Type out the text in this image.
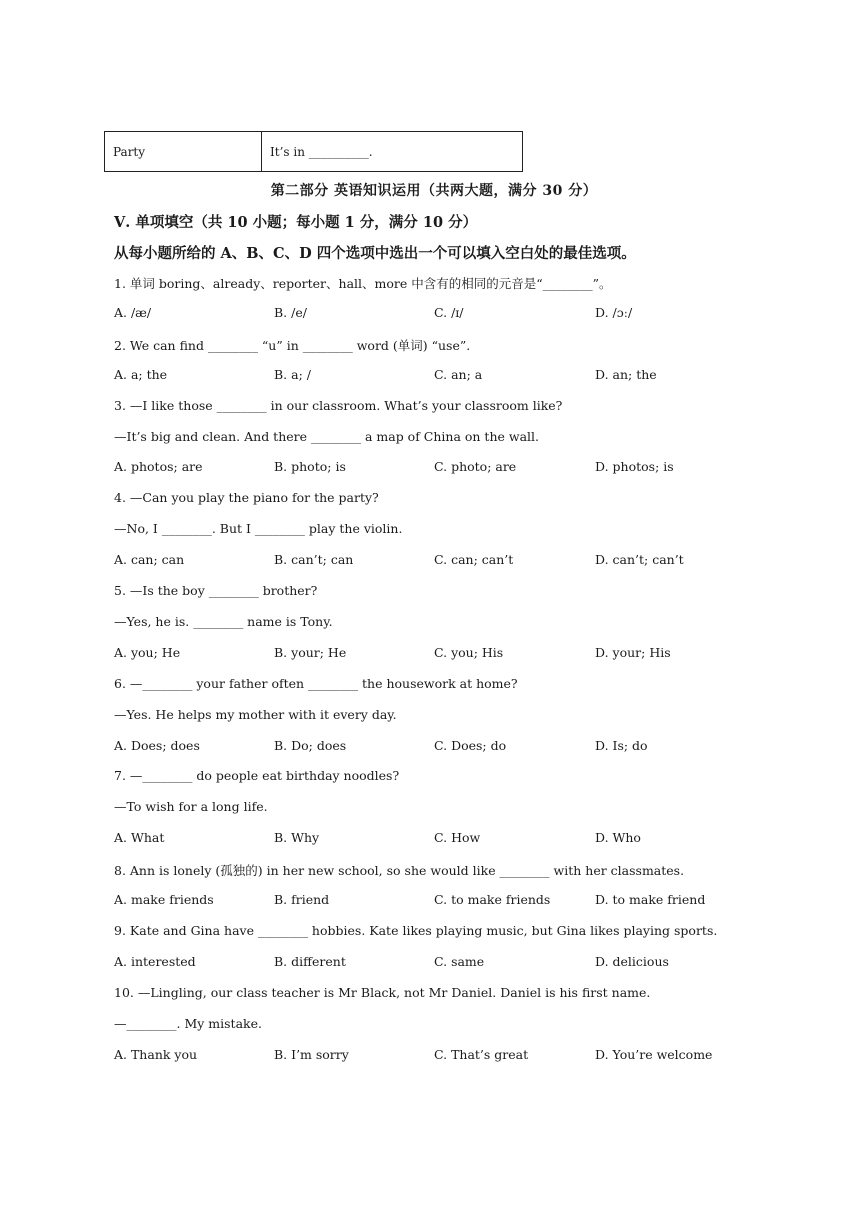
Party	It’s in __________.
第二部分 英语知识运用（共两大题，满分 30 分）
Ⅴ. 单项填空（共 10 小题；每小题 1 分，满分 10 分）
从每小题所给的 A、B、C、D 四个选项中选出一个可以填入空白处的最佳选项。
1. 单词 boring、already、reporter、hall、more 中含有的相同的元音是“________”。
A. /æ/	B. /e/	C. /ɪ/	D. /ɔː/
2. We can find ________ “u” in ________ word (单词) “use”.
A. a; the	B. a; /	C. an; a	D. an; the
3. —I like those ________ in our classroom. What’s your classroom like?
—It’s big and clean. And there ________ a map of China on the wall.
A. photos; are	B. photo; is	C. photo; are	D. photos; is
4. —Can you play the piano for the party?
—No, I ________. But I ________ play the violin.
A. can; can	B. can’t; can	C. can; can’t	D. can’t; can’t
5. —Is the boy ________ brother?
—Yes, he is. ________ name is Tony.
A. you; He	B. your; He	C. you; His	D. your; His
6. —________ your father often ________ the housework at home?
—Yes. He helps my mother with it every day.
A. Does; does	B. Do; does	C. Does; do	D. Is; do
7. —________ do people eat birthday noodles?
—To wish for a long life.
A. What	B. Why	C. How	D. Who
8. Ann is lonely (孤独的) in her new school, so she would like ________ with her classmates.
A. make friends	B. friend	C. to make friends	D. to make friend
9. Kate and Gina have ________ hobbies. Kate likes playing music, but Gina likes playing sports.
A. interested	B. different	C. same	D. delicious
10. —Lingling, our class teacher is Mr Black, not Mr Daniel. Daniel is his first name.
—________. My mistake.
A. Thank you	B. I’m sorry	C. That’s great	D. You’re welcome
